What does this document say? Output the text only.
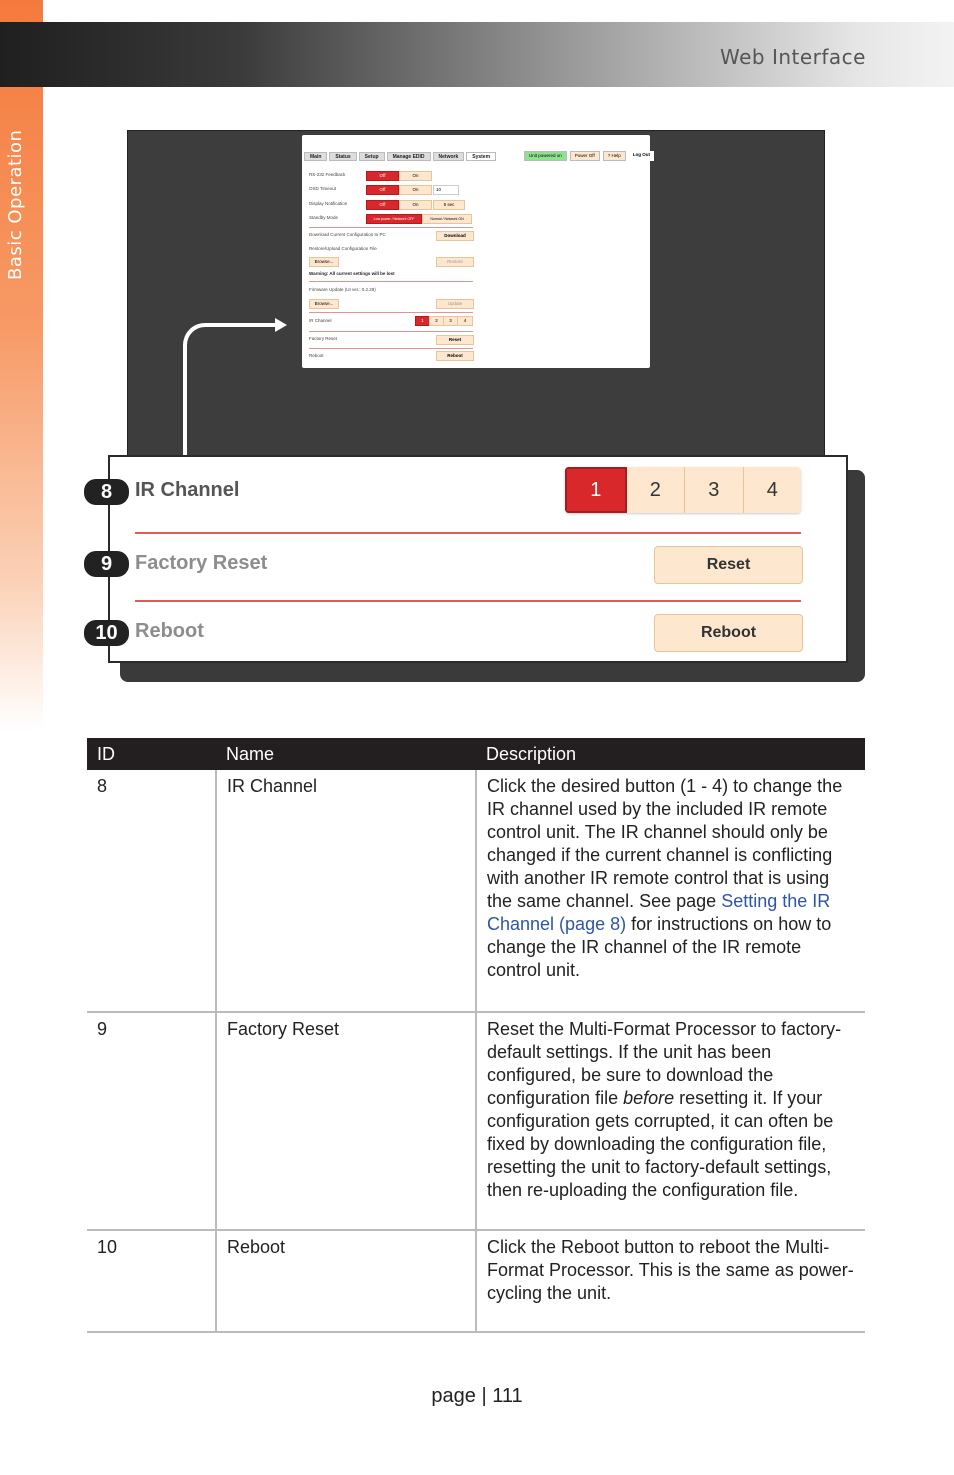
Basic Operation
Web Interface
GEFEN Multi Format Processor	EXT-MFP
Main	Status	Setup	Manage EDID	Network	System	Unit powered on	Power Off	? Help	Log Out
RS-232 Feedback	Off	On
OSD Timeout	Off	On	10
Display Notification	Off	On	5 sec
Standby Mode	Low power / Network OFF	Normal / Network ON
Download Current Configuration to PC	Download
Restore/Upload Configuration File
Browse...	Restore
Warning: All current settings will be lost
Firmware Update (UI ver.: 0.2.28)
Browse...	Update
IR Channel	1	2	3	4
Factory Reset	Reset
Reboot	Reboot
8	IR Channel	1	2	3	4
9	Factory Reset	Reset
10 Reboot	Reboot
ID	Name	Description
8	IR Channel	Click the desired button (1 - 4) to change the IR channel used by the included IR remote control unit. The IR channel should only be changed if the current channel is conflicting with another IR remote control that is using the same channel. See page Setting the IR Channel (page 8) for instructions on how to change the IR channel of the IR remote control unit.
9	Factory Reset	Reset the Multi-Format Processor to factory-default settings. If the unit has been configured, be sure to download the configuration file before resetting it. If your configuration gets corrupted, it can often be fixed by downloading the configuration file, resetting the unit to factory-default settings, then re-uploading the configuration file.
10	Reboot	Click the Reboot button to reboot the Multi-Format Processor. This is the same as power-cycling the unit.
page | 111
